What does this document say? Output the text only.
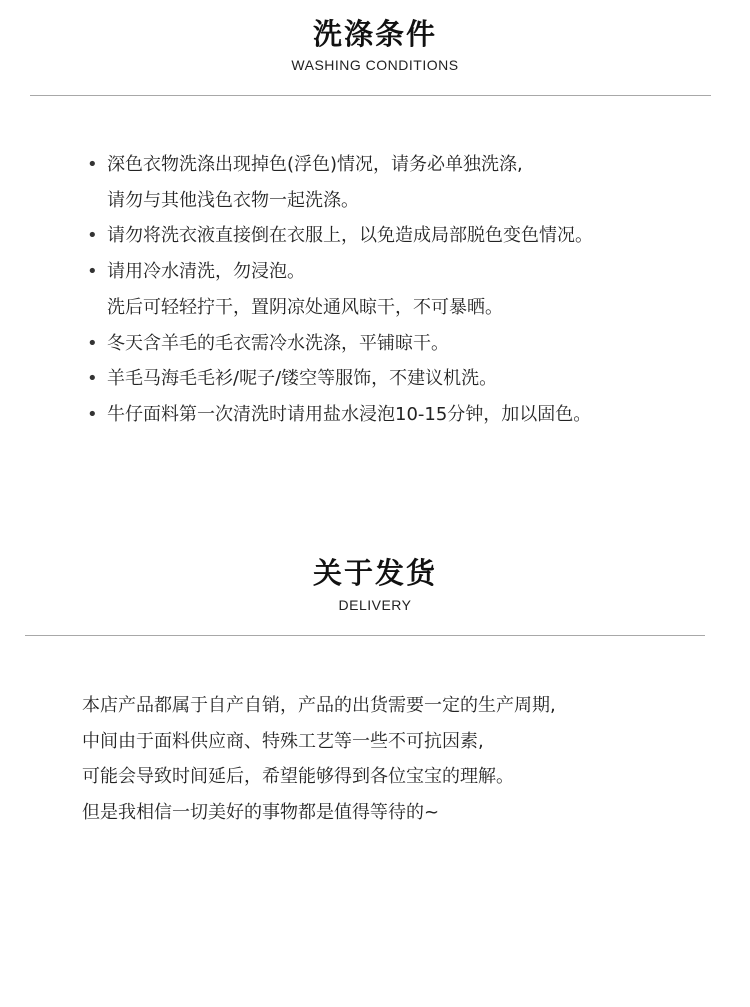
洗涤条件
WASHING CONDITIONS
• 深色衣物洗涤出现掉色(浮色)情况，请务必单独洗涤,
请勿与其他浅色衣物一起洗涤。
• 请勿将洗衣液直接倒在衣服上，以免造成局部脱色变色情况。
• 请用冷水清洗，勿浸泡。
洗后可轻轻拧干，置阴凉处通风晾干，不可暴晒。
• 冬天含羊毛的毛衣需冷水洗涤，平铺晾干。
• 羊毛马海毛毛衫/呢子/镂空等服饰，不建议机洗。
• 牛仔面料第一次清洗时请用盐水浸泡10-15分钟，加以固色。
关于发货
DELIVERY
本店产品都属于自产自销，产品的出货需要一定的生产周期,
中间由于面料供应商、特殊工艺等一些不可抗因素,
可能会导致时间延后，希望能够得到各位宝宝的理解。
但是我相信一切美好的事物都是值得等待的~
